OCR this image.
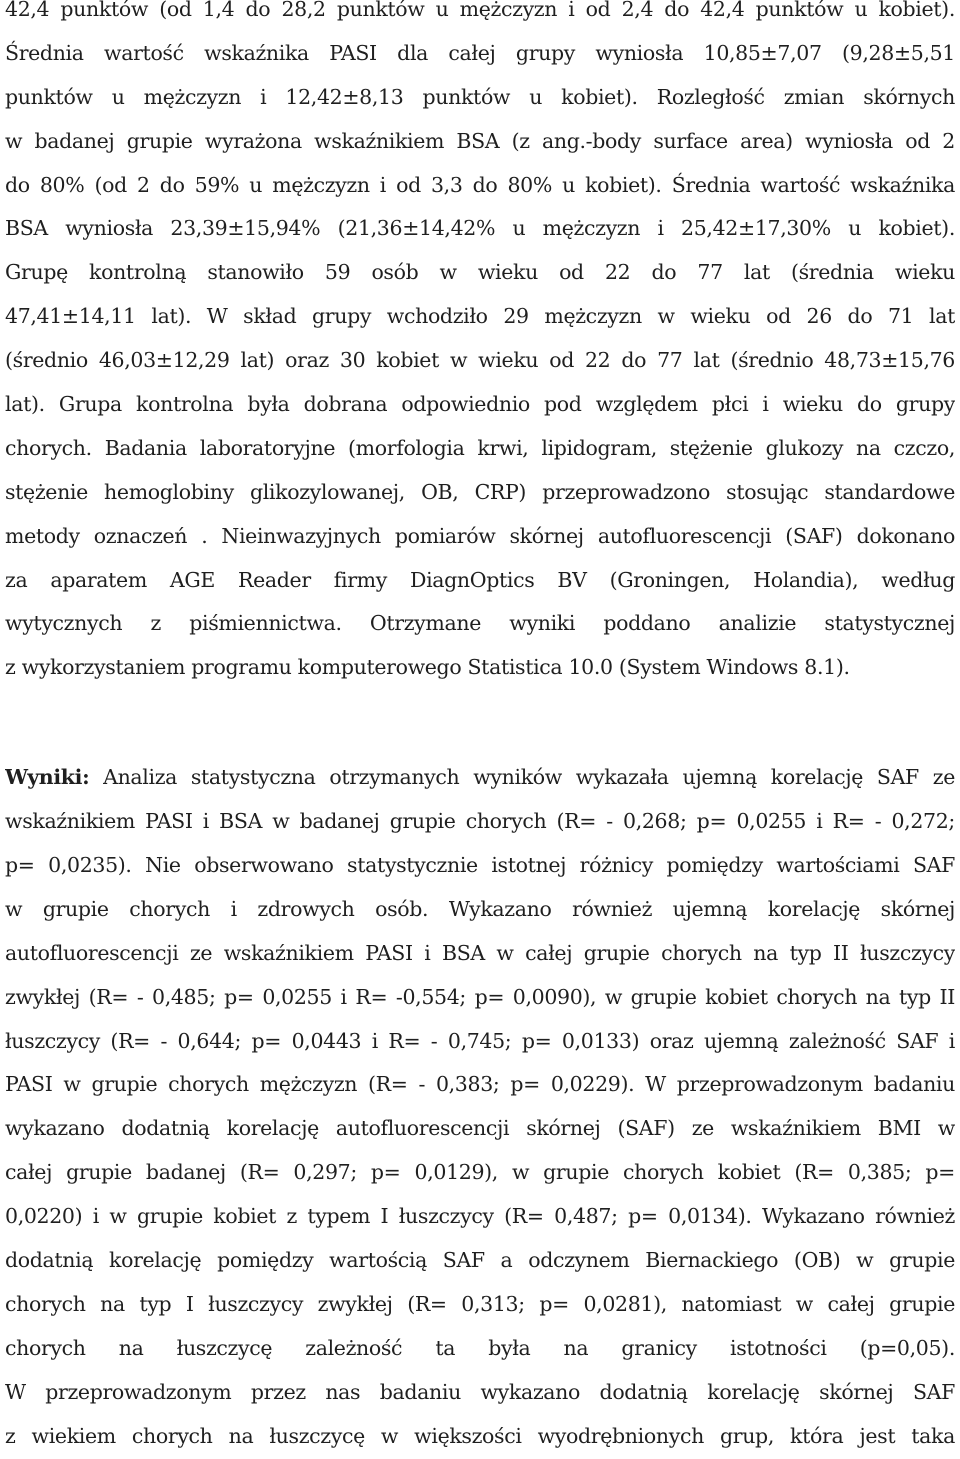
42,4 punktów (od 1,4 do 28,2 punktów u mężczyzn i od 2,4 do 42,4 punktów u kobiet).
Średnia wartość wskaźnika PASI dla całej grupy wyniosła 10,85±7,07 (9,28±5,51
punktów u mężczyzn i 12,42±8,13 punktów u kobiet). Rozległość zmian skórnych
w badanej grupie wyrażona wskaźnikiem BSA (z ang.-body surface area) wyniosła od 2
do 80% (od 2 do 59% u mężczyzn i od 3,3 do 80% u kobiet). Średnia wartość wskaźnika
BSA wyniosła 23,39±15,94% (21,36±14,42% u mężczyzn i 25,42±17,30% u kobiet).
Grupę kontrolną stanowiło 59 osób w wieku od 22 do 77 lat (średnia wieku
47,41±14,11 lat). W skład grupy wchodziło 29 mężczyzn w wieku od 26 do 71 lat
(średnio 46,03±12,29 lat) oraz 30 kobiet w wieku od 22 do 77 lat (średnio 48,73±15,76
lat). Grupa kontrolna była dobrana odpowiednio pod względem płci i wieku do grupy
chorych. Badania laboratoryjne (morfologia krwi, lipidogram, stężenie glukozy na czczo,
stężenie hemoglobiny glikozylowanej, OB, CRP) przeprowadzono stosując standardowe
metody oznaczeń . Nieinwazyjnych pomiarów skórnej autofluorescencji (SAF) dokonano
za aparatem AGE Reader firmy DiagnOptics BV (Groningen, Holandia), według
wytycznych z piśmiennictwa. Otrzymane wyniki poddano analizie statystycznej
z wykorzystaniem programu komputerowego Statistica 10.0 (System Windows 8.1).
Wyniki: Analiza statystyczna otrzymanych wyników wykazała ujemną korelację SAF ze
wskaźnikiem PASI i BSA w badanej grupie chorych (R= - 0,268; p= 0,0255 i R= - 0,272;
p= 0,0235). Nie obserwowano statystycznie istotnej różnicy pomiędzy wartościami SAF
w grupie chorych i zdrowych osób. Wykazano również ujemną korelację skórnej
autofluorescencji ze wskaźnikiem PASI i BSA w całej grupie chorych na typ II łuszczycy
zwykłej (R= - 0,485; p= 0,0255 i R= -0,554; p= 0,0090), w grupie kobiet chorych na typ II
łuszczycy (R= - 0,644; p= 0,0443 i R= - 0,745; p= 0,0133) oraz ujemną zależność SAF i
PASI w grupie chorych mężczyzn (R= - 0,383; p= 0,0229). W przeprowadzonym badaniu
wykazano dodatnią korelację autofluorescencji skórnej (SAF) ze wskaźnikiem BMI w
całej grupie badanej (R= 0,297; p= 0,0129), w grupie chorych kobiet (R= 0,385; p=
0,0220) i w grupie kobiet z typem I łuszczycy (R= 0,487; p= 0,0134). Wykazano również
dodatnią korelację pomiędzy wartością SAF a odczynem Biernackiego (OB) w grupie
chorych na typ I łuszczycy zwykłej (R= 0,313; p= 0,0281), natomiast w całej grupie
chorych na łuszczycę zależność ta była na granicy istotności (p=0,05).
W przeprowadzonym przez nas badaniu wykazano dodatnią korelację skórnej SAF
z wiekiem chorych na łuszczycę w większości wyodrębnionych grup, która jest taka
